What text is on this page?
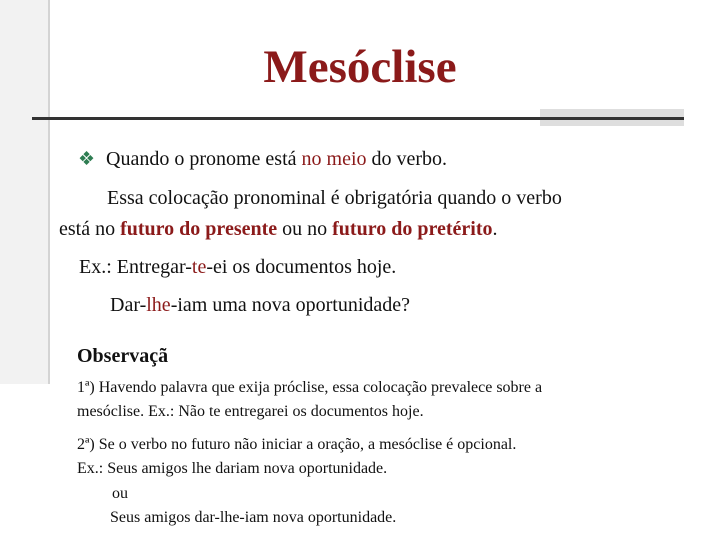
Mesóclise
❖ Quando o pronome está no meio do verbo.
Essa colocação pronominal é obrigatória quando o verbo
está no futuro do presente ou no futuro do pretérito.
Ex.: Entregar-te-ei os documentos hoje.
Dar-lhe-iam uma nova oportunidade?
Observaçã
1ª) Havendo palavra que exija próclise, essa colocação prevalece sobre a
mesóclise. Ex.: Não te entregarei os documentos hoje.
2ª) Se o verbo no futuro não iniciar a oração, a mesóclise é opcional.
Ex.: Seus amigos lhe dariam nova oportunidade.
ou
Seus amigos dar-lhe-iam nova oportunidade.
